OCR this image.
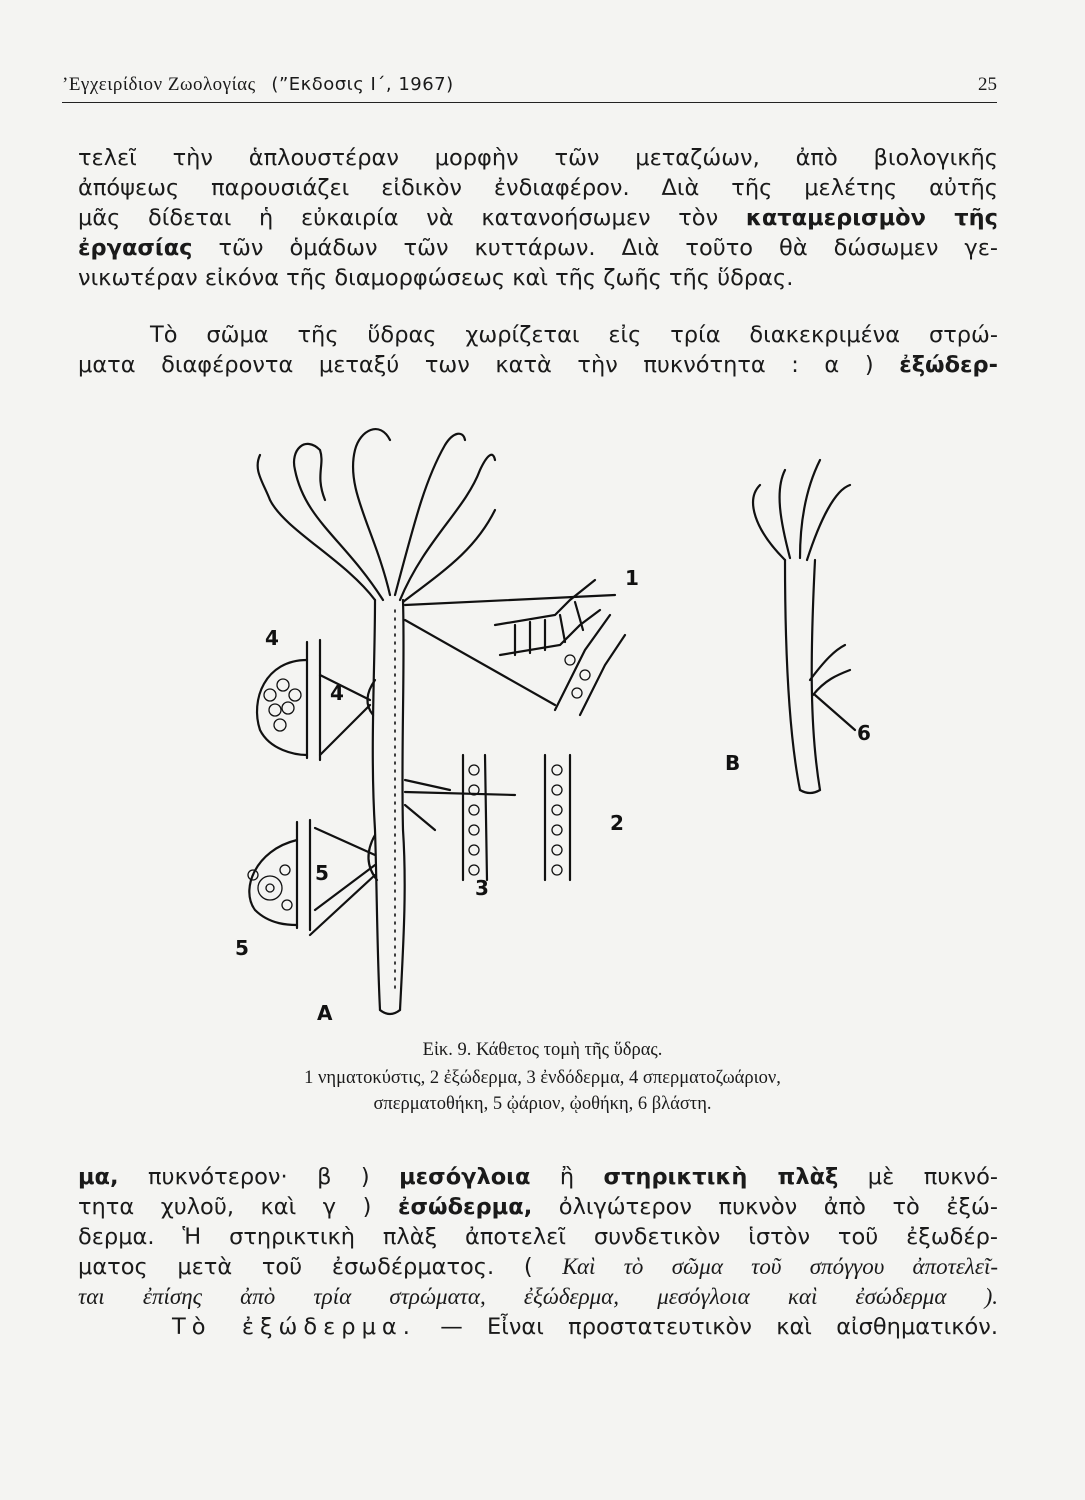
’Εγχειρίδιον Ζωολογίας (”Εκδοσις Ι΄, 1967)	25
τελεῖ τὴν ἁπλουστέραν μορφὴν τῶν μεταζώων, ἀπὸ βιολογικῆς
ἀπόψεως παρουσιάζει εἰδικὸν ἐνδιαφέρον. Διὰ τῆς μελέτης αὐτῆς
μᾶς δίδεται ἡ εὐκαιρία νὰ κατανοήσωμεν τὸν καταμερισμὸν τῆς
ἐργασίας τῶν ὁμάδων τῶν κυττάρων. Διὰ τοῦτο θὰ δώσωμεν γε-
νικωτέραν εἰκόνα τῆς διαμορφώσεως καὶ τῆς ζωῆς τῆς ὕδρας.
Τὸ σῶμα τῆς ὕδρας χωρίζεται εἰς τρία διακεκριμένα στρώ-
ματα διαφέροντα μεταξύ των κατὰ τὴν πυκνότητα : α ) ἐξώδερ-
1
2
3
4
4
5
5
6
A
B
Εἰκ. 9. Κάθετος τομὴ τῆς ὕδρας.
1 νηματοκύστις, 2 ἐξώδερμα, 3 ἐνδόδερμα, 4 σπερματοζωάριον,
σπερματοθήκη, 5 ᾠάριον, ᾠοθήκη, 6 βλάστη.
μα, πυκνότερον· β ) μεσόγλοια ἢ στηρικτικὴ πλὰξ μὲ πυκνό-
τητα χυλοῦ, καὶ γ ) ἐσώδερμα, ὀλιγώτερον πυκνὸν ἀπὸ τὸ ἐξώ-
δερμα. Ἡ στηρικτικὴ πλὰξ ἀποτελεῖ συνδετικὸν ἱστὸν τοῦ ἐξωδέρ-
ματος μετὰ τοῦ ἐσωδέρματος. ( Καὶ τὸ σῶμα τοῦ σπόγγου ἀποτελεῖ-
ται ἐπίσης ἀπὸ τρία στρώματα, ἐξώδερμα, μεσόγλοια καὶ ἐσώδερμα ).
Τὸ ἐξώδερμα. — Εἶναι προστατευτικὸν καὶ αἰσθηματικόν.
